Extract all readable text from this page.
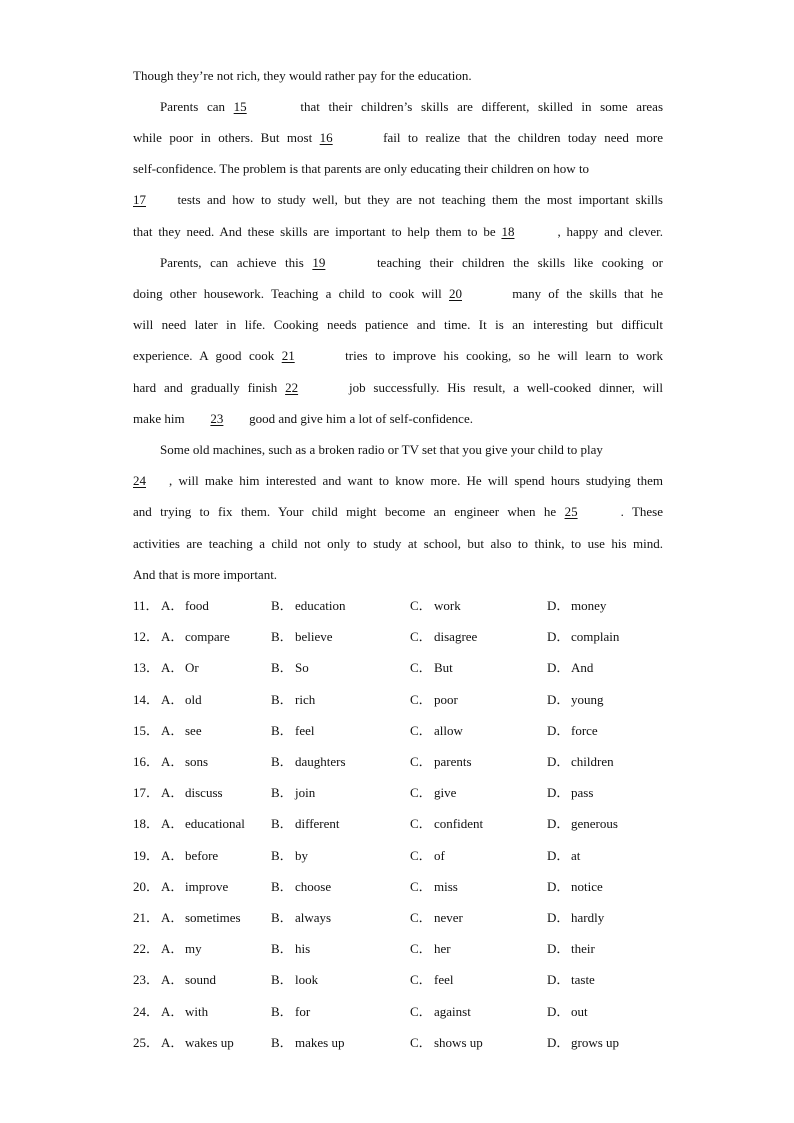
Though they’re not rich, they would rather pay for the education.
Parents can 15	that their children’s skills are different, skilled in some areas
while poor in others. But most 16	fail to realize that the children today need more
self-confidence. The problem is that parents are only educating their children on how to
17 tests and how to study well, but they are not teaching them the most important skills
that they need. And these skills are important to help them to be 18	, happy and clever.
Parents, can achieve this 19	teaching their children the skills like cooking or
doing other housework. Teaching a child to cook will 20	many of the skills that he
will need later in life. Cooking needs patience and time. It is an interesting but difficult
experience. A good cook 21	tries to improve his cooking, so he will learn to work
hard and gradually finish 22	job successfully. His result, a well-cooked dinner, will
make him 23 good and give him a lot of self-confidence.
Some old machines, such as a broken radio or TV set that you give your child to play
24 , will make him interested and want to know more. He will spend hours studying them
and trying to fix them. Your child might become an engineer when he 25	. These
activities are teaching a child not only to study at school, but also to think, to use his mind.
And that is more important.
11． A． food	B． education	C． work	D． money
12． A． compare	B． believe	C． disagree	D． complain
13． A． Or	B． So	C． But	D． And
14． A． old	B． rich	C． poor	D． young
15． A． see	B． feel	C． allow	D． force
16． A． sons	B． daughters	C． parents	D． children
17． A． discuss	B． join	C． give	D． pass
18． A． educational B． different	C． confident	D． generous
19． A． before	B． by	C． of	D． at
20． A． improve	B． choose	C． miss	D． notice
21． A． sometimes B． always	C． never	D． hardly
22． A． my	B． his	C． her	D． their
23． A． sound	B． look	C． feel	D． taste
24． A． with	B． for	C． against	D． out
25． A． wakes up	B． makes up	C． shows up	D． grows up
